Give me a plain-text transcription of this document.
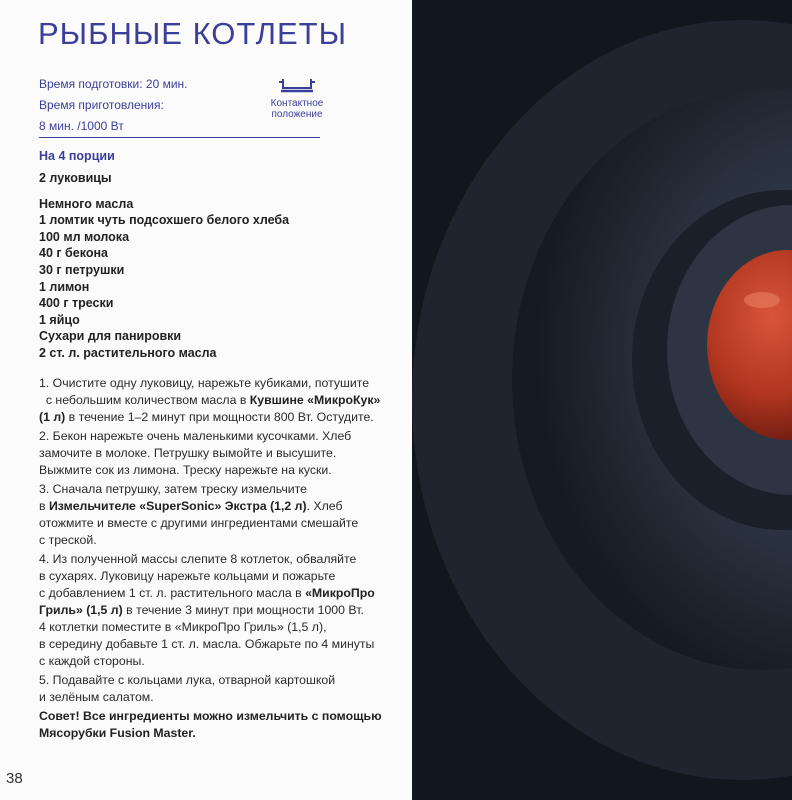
РЫБНЫЕ КОТЛЕТЫ
Время подготовки: 20 мин.
Время приготовления:
8 мин. /1000 Вт
Контактное
положение
На 4 порции
2 луковицы
Немного масла
1 ломтик чуть подсохшего белого хлеба
100 мл молока
40 г бекона
30 г петрушки
1 лимон
400 г трески
1 яйцо
Сухари для панировки
2 ст. л. растительного масла

1. Очистите одну луковицу, нарежьте кубиками, потушите

с небольшим количеством масла в Кувшине «МикроКук»

(1 л) в течение 1–2 минут при мощности 800 Вт. Остудите.

2. Бекон нарежьте очень маленькими кусочками. Хлеб

замочите в молоке. Петрушку вымойте и высушите.

Выжмите сок из лимона. Треску нарежьте на куски.

3. Сначала петрушку, затем треску измельчите

в Измельчителе «SuperSonic» Экстра (1,2 л). Хлеб

отожмите и вместе с другими ингредиентами смешайте

с треской.

4. Из полученной массы слепите 8 котлеток, обваляйте

в сухарях. Луковицу нарежьте кольцами и пожарьте

с добавлением 1 ст. л. растительного масла в «МикроПро

Гриль» (1,5 л) в течение 3 минут при мощности 1000 Вт.

4 котлетки поместите в «МикроПро Гриль» (1,5 л),

в середину добавьте 1 ст. л. масла. Обжарьте по 4 минуты

с каждой стороны.

5. Подавайте с кольцами лука, отварной картошкой

и зелёным салатом.

Совет! Все ингредиенты можно измельчить с помощью

Мясорубки Fusion Master.

38
